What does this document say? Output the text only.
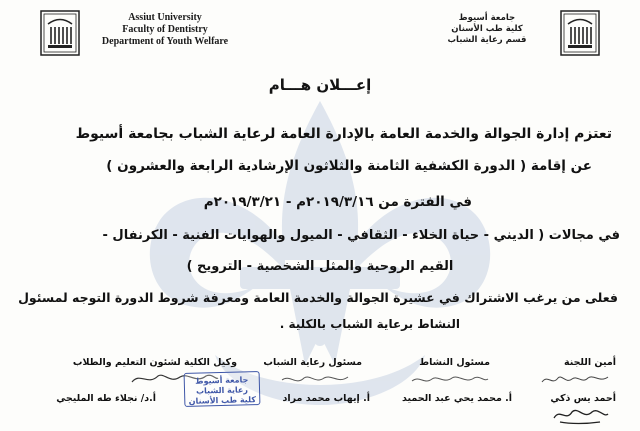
Assiut University
Faculty of Dentistry
Department of Youth Welfare
جامعة أسيوط
كلية طب الأسنان
قسم رعاية الشباب
إعـــلان هـــام
تعتزم إدارة الجوالة والخدمة العامة بالإدارة العامة لرعاية الشباب بجامعة أسيوط
عن إقامة ( الدورة الكشفية الثامنة والثلاثون الإرشادية الرابعة والعشرون )
في الفترة من ٢٠١٩/٣/١٦م - ٢٠١٩/٣/٢١م
في مجالات ( الديني - حياة الخلاء - الثقافي - الميول والهوايات الفنية - الكرنفال -
القيم الروحية والمثل الشخصية - الترويح )
فعلى من يرغب الاشتراك في عشيرة الجوالة والخدمة العامة ومعرفة شروط الدورة التوجه لمسئول
النشاط برعاية الشباب بالكلية .
أمين اللجنة
مسئول النشاط
مسئول رعاية الشباب
وكيل الكلية لشئون التعليم والطلاب
أحمد يس ذكي
أ. محمد يحي عبد الحميد
أ. إيهاب محمد مراد
أ.د/ نجلاء طه المليجي
جامعة أسيوط
رعاية الشباب
كلية طب الأسنان
